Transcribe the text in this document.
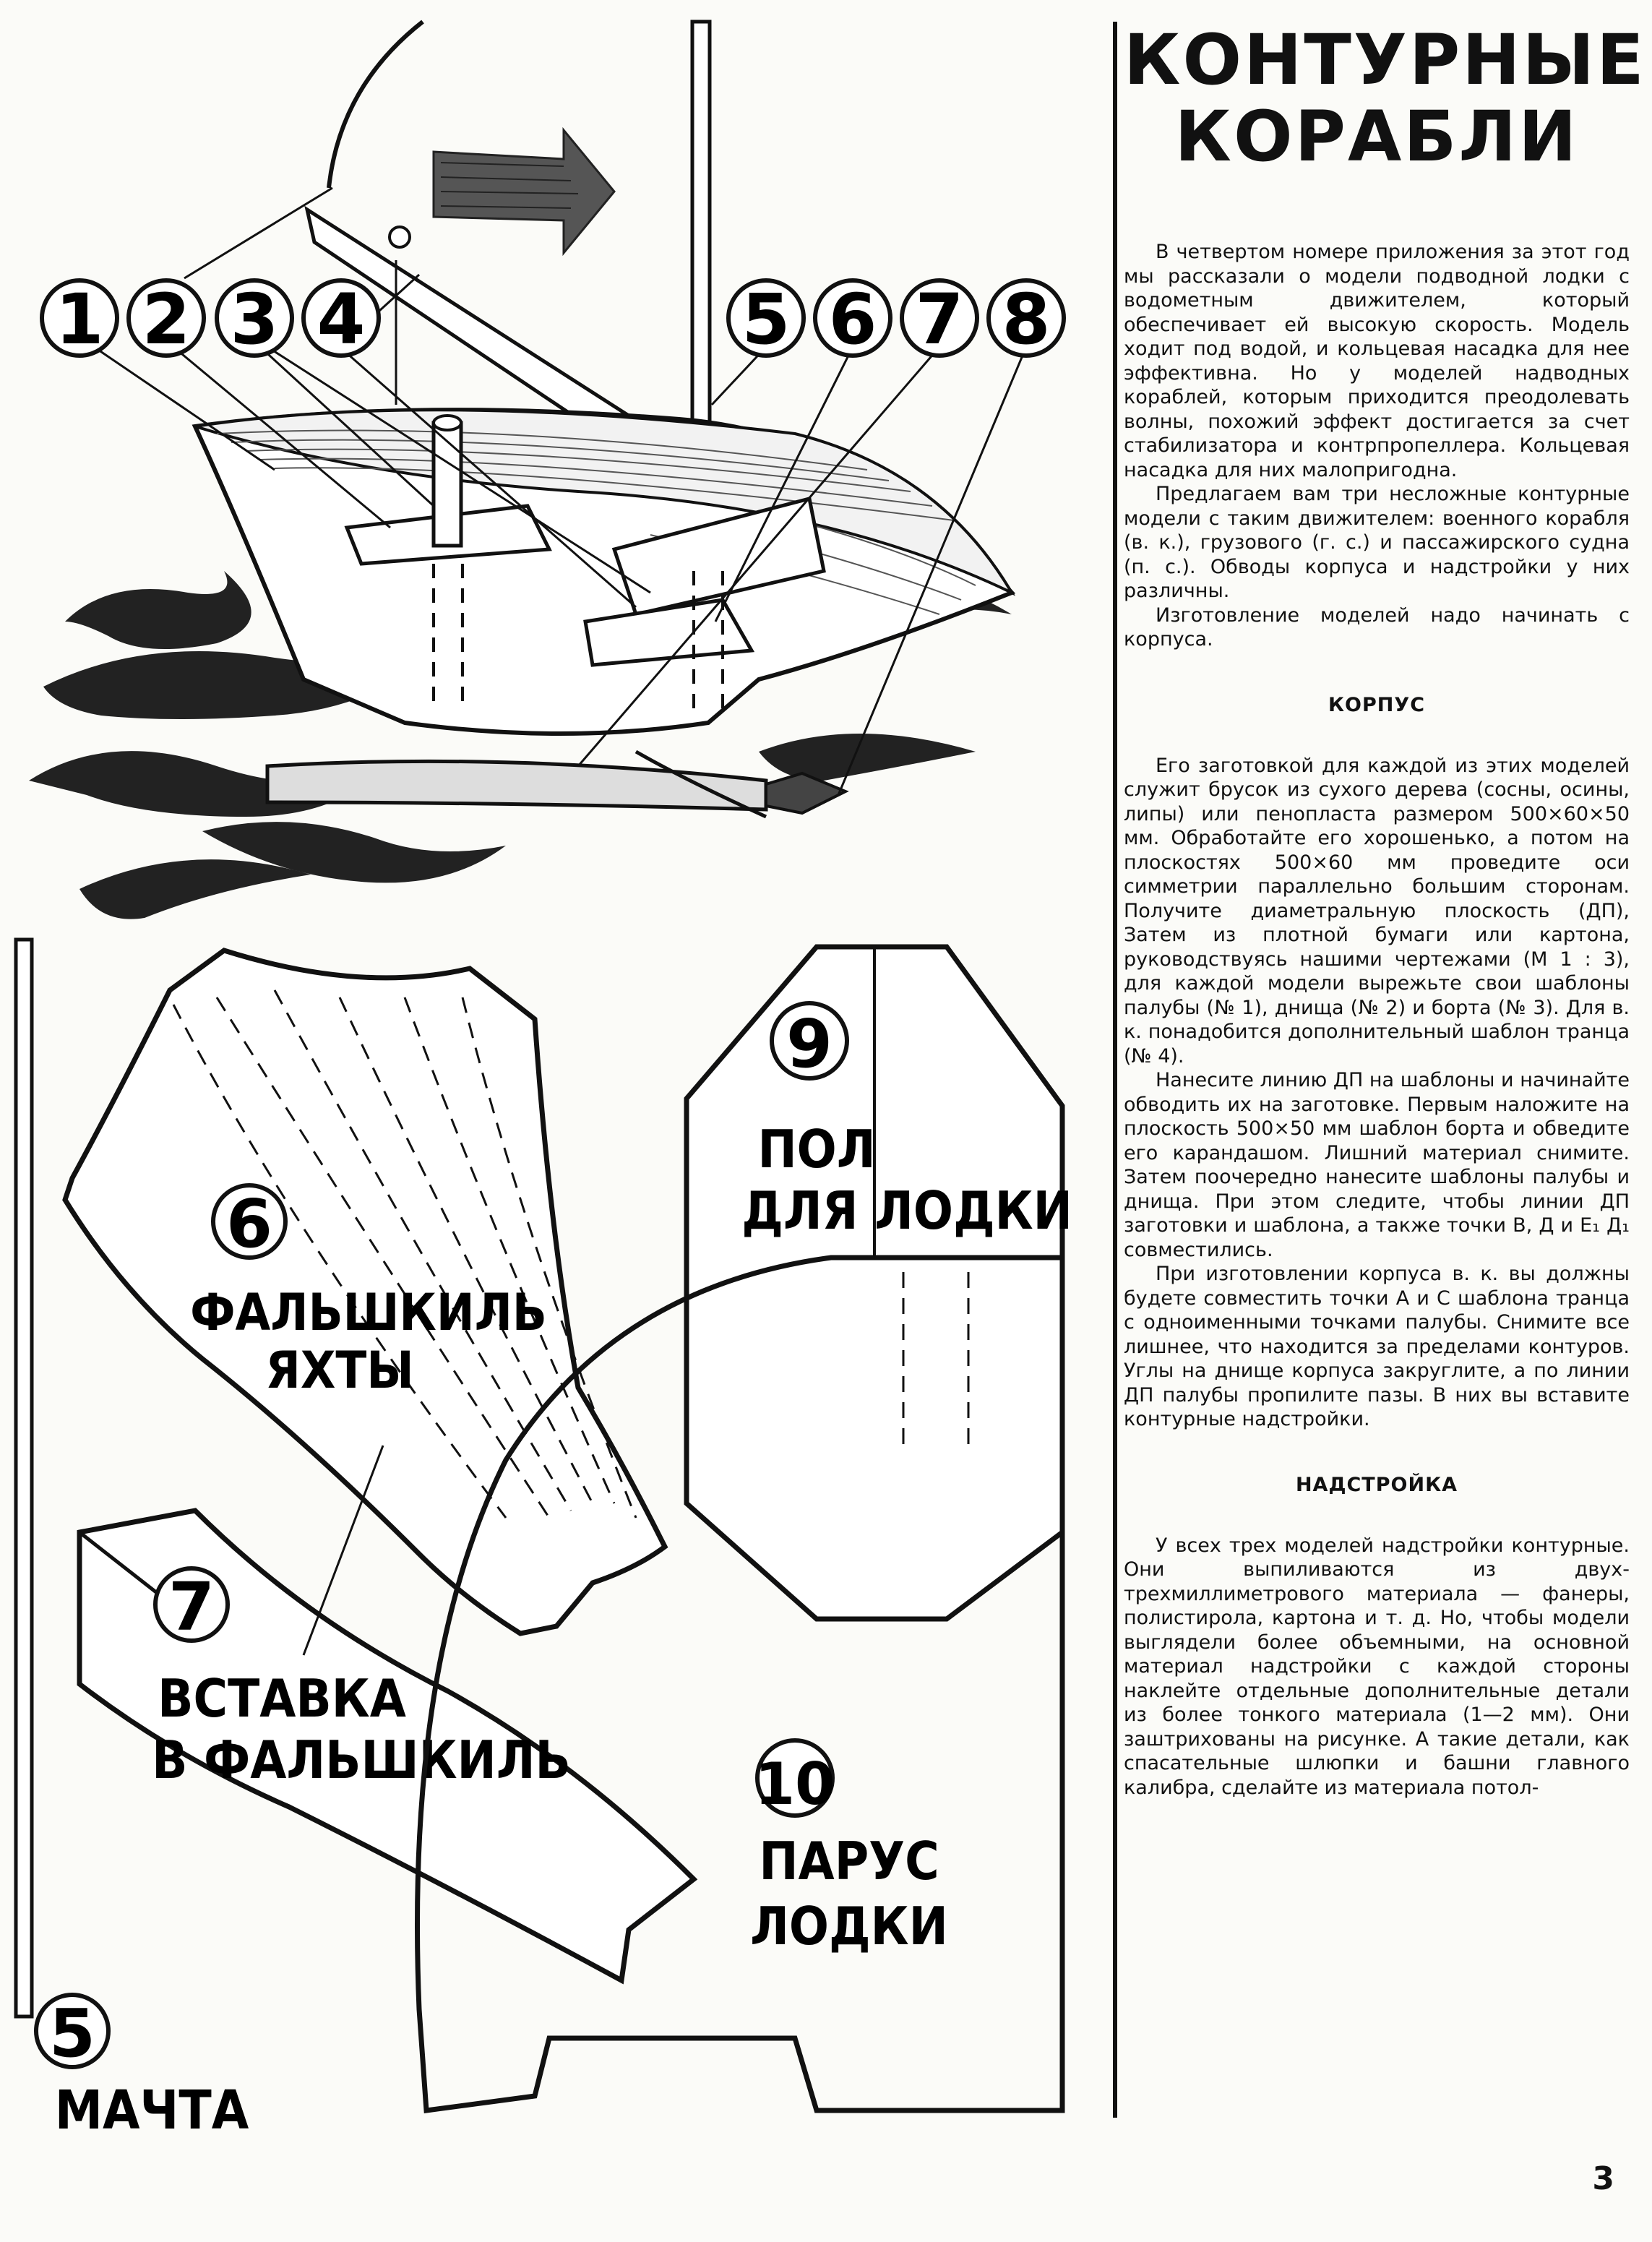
1 2 3 4	5 6 7 8
5
МАЧТА
6
ФАЛЬШКИЛЬ
ЯХТЫ
7
ВСТАВКА
В ФАЛЬШКИЛЬ
9
ПОЛ
ДЛЯ ЛОДКИ
10
ПАРУС
ЛОДКИ
КОНТУРНЫЕ
КОРАБЛИ

В четвертом номере приложения за этот год мы рассказали о модели подводной лодки с водометным движителем, который обеспечивает ей высокую скорость. Модель ходит под водой, и кольцевая насадка для нее эффективна. Но у моделей надводных кораблей, которым приходится преодолевать волны, похожий эффект достигается за счет стабилизатора и контрпропеллера. Кольцевая насадка для них малопригодна.

Предлагаем вам три несложные контурные модели с таким движителем: военного корабля (в. к.), грузового (г. с.) и пассажирского судна (п. с.). Обводы корпуса и надстройки у них различны.

Изготовление моделей надо начинать с корпуса.

КОРПУС

Его заготовкой для каждой из этих моделей служит брусок из сухого дерева (сосны, осины, липы) или пенопласта размером 500×60×50 мм. Обработайте его хорошенько, а потом на плоскостях 500×60 мм проведите оси симметрии параллельно большим сторонам. Получите диаметральную плоскость (ДП), Затем из плотной бумаги или картона, руководствуясь нашими чертежами (М 1 : 3), для каждой модели вырежьте свои шаблоны палубы (№ 1), днища (№ 2) и борта (№ 3). Для в. к. понадобится дополнительный шаблон транца (№ 4).

Нанесите линию ДП на шаблоны и начинайте обводить их на заготовке. Первым наложите на плоскость 500×50 мм шаблон борта и обведите его карандашом. Лишний материал снимите. Затем поочередно нанесите шаблоны палубы и днища. При этом следите, чтобы линии ДП заготовки и шаблона, а также точки В, Д и Е₁ Д₁ совместились.

При изготовлении корпуса в. к. вы должны будете совместить точки А и С шаблона транца с одноименными точками палубы. Снимите все лишнее, что находится за пределами контуров. Углы на днище корпуса закруглите, а по линии ДП палубы пропилите пазы. В них вы вставите контурные надстройки.

НАДСТРОЙКА

У всех трех моделей надстройки контурные. Они выпиливаются из двух-трехмиллиметрового материала — фанеры, полистирола, картона и т. д. Но, чтобы модели выглядели более объемными, на основной материал надстройки с каждой стороны наклейте отдельные дополнительные детали из более тонкого материала (1—2 мм). Они заштрихованы на рисунке. А такие детали, как спасательные шлюпки и башни главного калибра, сделайте из материала потол-

3
